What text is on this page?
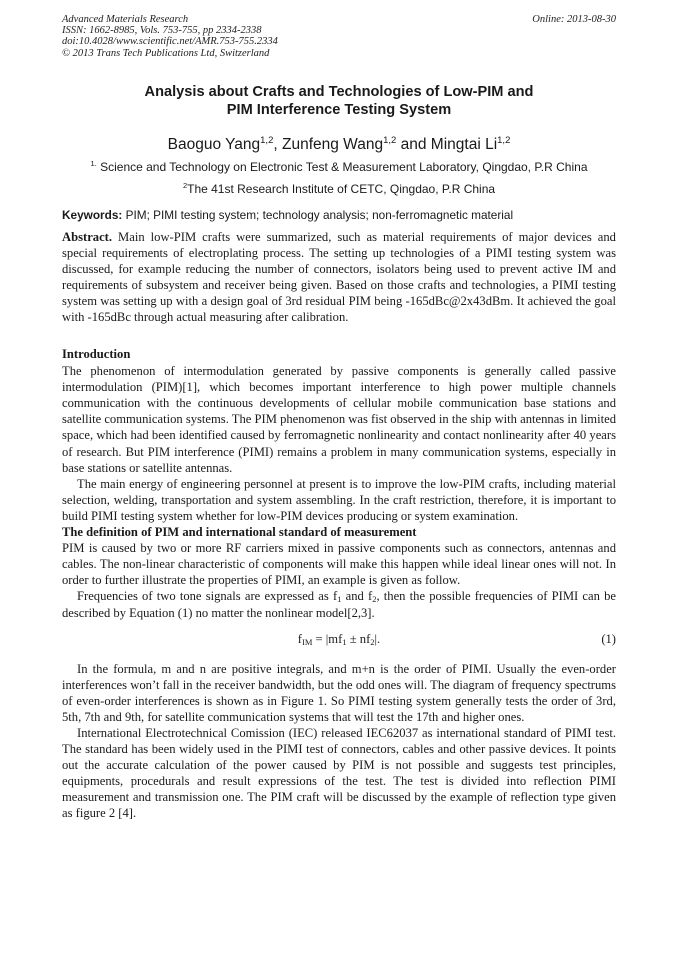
Advanced Materials Research
ISSN: 1662-8985, Vols. 753-755, pp 2334-2338
doi:10.4028/www.scientific.net/AMR.753-755.2334
© 2013 Trans Tech Publications Ltd, Switzerland
Online: 2013-08-30
Analysis about Crafts and Technologies of Low-PIM and
PIM Interference Testing System
Baoguo Yang$^{1,2}$, Zunfeng Wang$^{1,2}$ and Mingtai Li$^{1,2}$
$^{1.}$ Science and Technology on Electronic Test & Measurement Laboratory, Qingdao, P.R China
$^2$The 41st Research Institute of CETC, Qingdao, P.R China
Keywords: PIM; PIMI testing system; technology analysis; non-ferromagnetic material

Abstract. Main low-PIM crafts were summarized, such as material requirements of major devices and special requirements of electroplating process. The setting up technologies of a PIMI testing system was discussed, for example reducing the number of connectors, isolators being used to prevent active IM and requirements of subsystem and receiver being given. Based on those crafts and technologies, a PIMI testing system was setting up with a design goal of 3rd residual PIM being -165dBc@2x43dBm. It achieved the goal with -165dBc through actual measuring after calibration.

Introduction

The phenomenon of intermodulation generated by passive components is generally called passive intermodulation (PIM)[1], which becomes important interference to high power multiple channels communication with the continuous developments of cellular mobile communication base stations and satellite communication systems. The PIM phenomenon was fist observed in the ship with antennas in limited space, which had been identified caused by ferromagnetic nonlinearity and contact nonlinearity after 40 years of research. But PIM interference (PIMI) remains a problem in many communication systems, especially in base stations or satellite antennas.

The main energy of engineering personnel at present is to improve the low-PIM crafts, including material selection, welding, transportation and system assembling. In the craft restriction, therefore, it is important to build PIMI testing system whether for low-PIM devices producing or system examination.

The definition of PIM and international standard of measurement

PIM is caused by two or more RF carriers mixed in passive components such as connectors, antennas and cables. The non-linear characteristic of components will make this happen while ideal linear ones will not. In order to further illustrate the properties of PIMI, an example is given as follow.

Frequencies of two tone signals are expressed as $f_1$ and $f_2$, then the possible frequencies of PIMI can be described by Equation (1) no matter the nonlinear model[2,3].

$f_{IM} = |mf_1 \pm nf_2|$.	(1)

In the formula, m and n are positive integrals, and m+n is the order of PIMI. Usually the even-order interferences won’t fall in the receiver bandwidth, but the odd ones will. The diagram of frequency spectrums of even-order interferences is shown as in Figure 1. So PIMI testing system generally tests the order of 3rd, 5th, 7th and 9th, for satellite communication systems that will test the 17th and higher ones.

International Electrotechnical Comission (IEC) released IEC62037 as international standard of PIMI test. The standard has been widely used in the PIMI test of connectors, cables and other passive devices. It points out the accurate calculation of the power caused by PIM is not possible and suggests test principles, equipments, procedurals and result expressions of the test. The test is divided into reflection PIMI measurement and transmission one. The PIM craft will be discussed by the example of reflection type given as figure 2 [4].
